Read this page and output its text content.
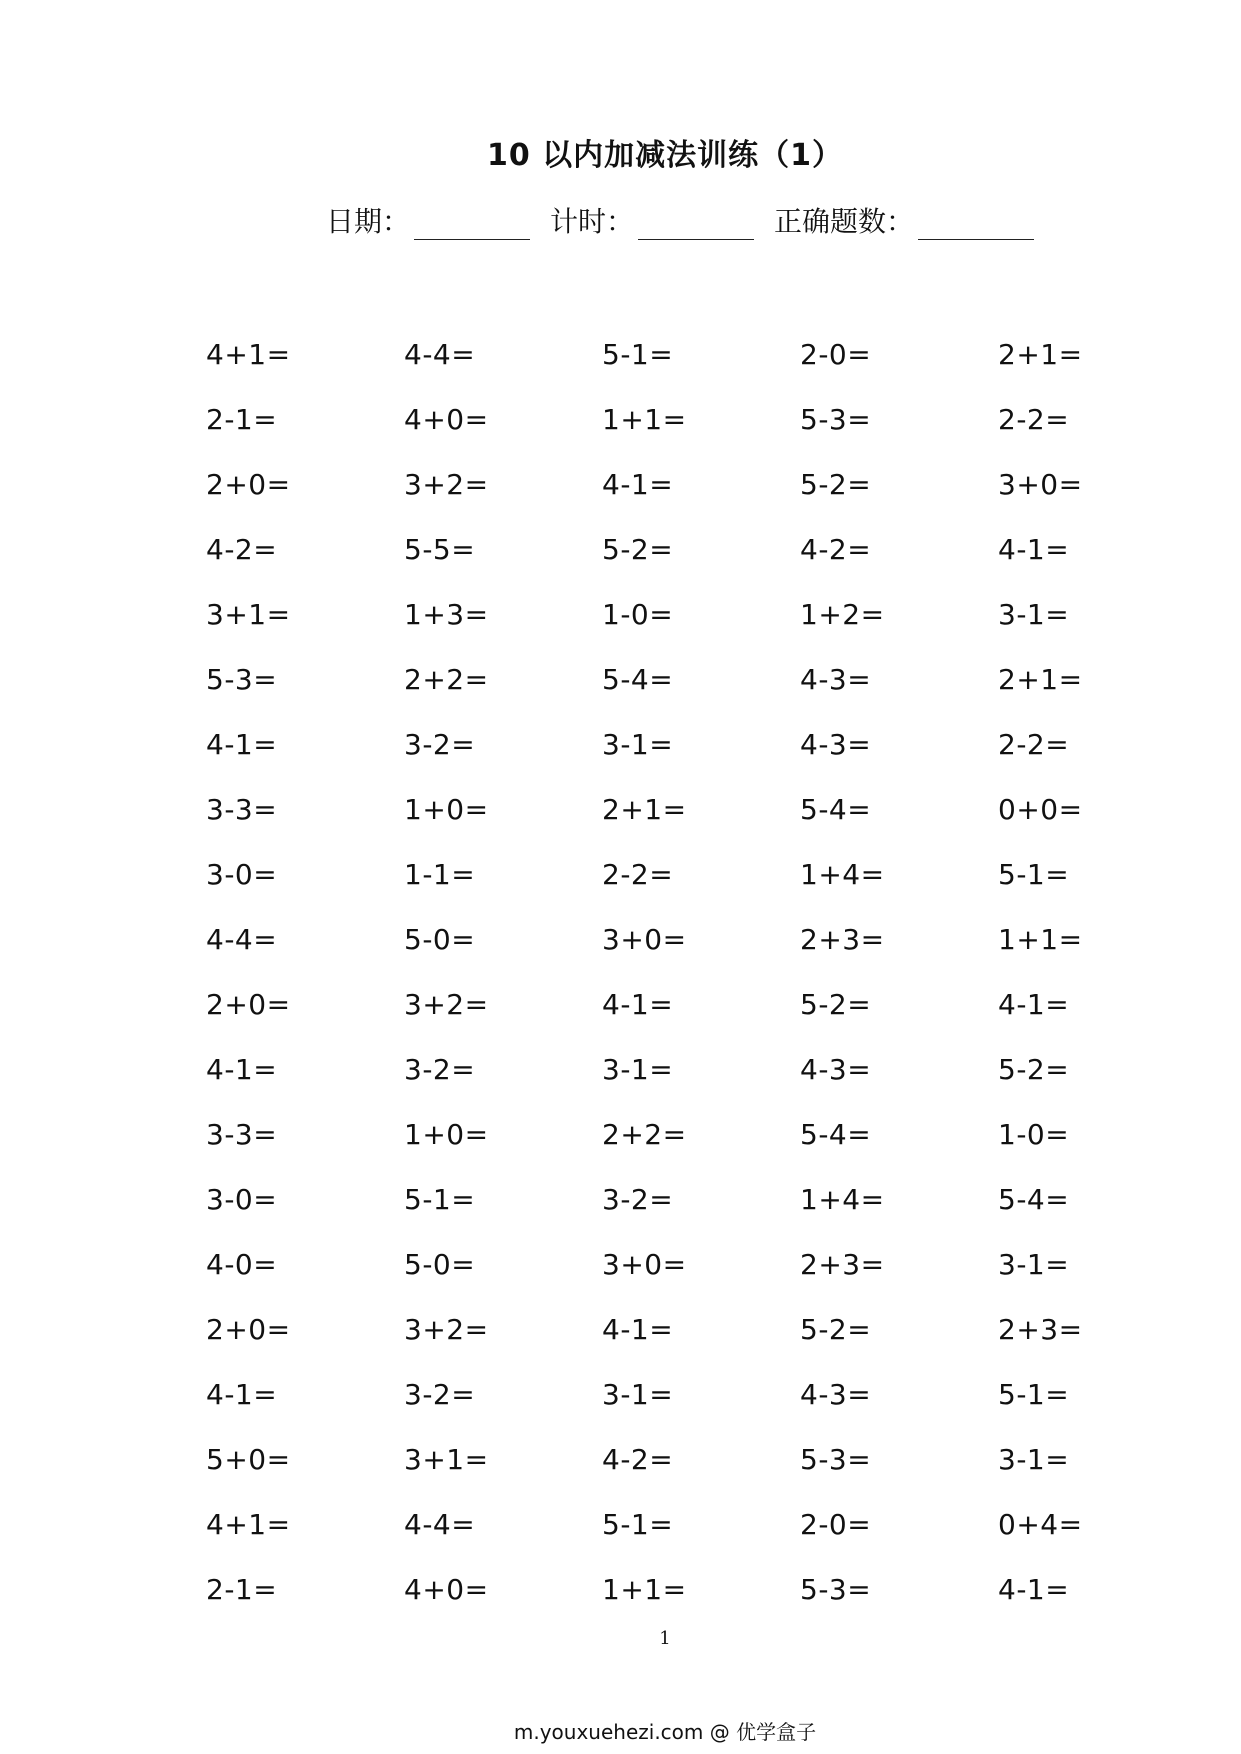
10 以内加减法训练（1）
日期：	计时：	正确题数：
4+1=	4-4=	5-1=	2-0=	2+1=
2-1=	4+0=	1+1=	5-3=	2-2=
2+0=	3+2=	4-1=	5-2=	3+0=
4-2=	5-5=	5-2=	4-2=	4-1=
3+1=	1+3=	1-0=	1+2=	3-1=
5-3=	2+2=	5-4=	4-3=	2+1=
4-1=	3-2=	3-1=	4-3=	2-2=
3-3=	1+0=	2+1=	5-4=	0+0=
3-0=	1-1=	2-2=	1+4=	5-1=
4-4=	5-0=	3+0=	2+3=	1+1=
2+0=	3+2=	4-1=	5-2=	4-1=
4-1=	3-2=	3-1=	4-3=	5-2=
3-3=	1+0=	2+2=	5-4=	1-0=
3-0=	5-1=	3-2=	1+4=	5-4=
4-0=	5-0=	3+0=	2+3=	3-1=
2+0=	3+2=	4-1=	5-2=	2+3=
4-1=	3-2=	3-1=	4-3=	5-1=
5+0=	3+1=	4-2=	5-3=	3-1=
4+1=	4-4=	5-1=	2-0=	0+4=
2-1=	4+0=	1+1=	5-3=	4-1=
1
m.youxuehezi.com @ 优学盒子
